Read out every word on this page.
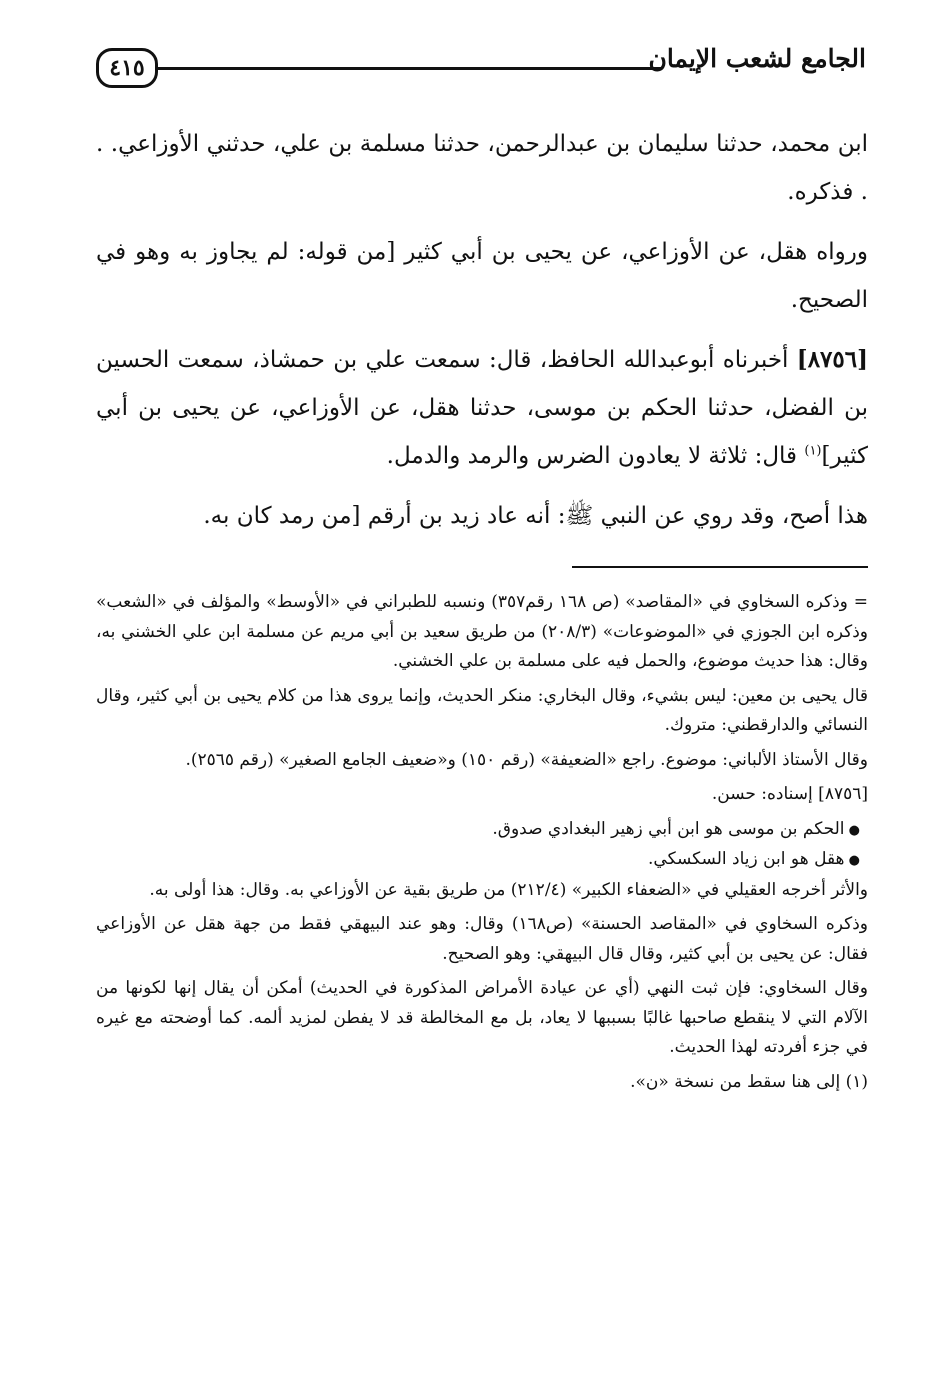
٤١٥	الجامع لشعب الإيمان

ابن محمد، حدثنا سليمان بن عبدالرحمن، حدثنا مسلمة بن علي، حدثني الأوزاعي. . . فذكره.

ورواه هقل، عن الأوزاعي، عن يحيى بن أبي كثير [من قوله: لم يجاوز به وهو في الصحيح.

[٨٧٥٦] أخبرناه أبوعبدالله الحافظ، قال: سمعت علي بن حمشاذ، سمعت الحسين بن الفضل، حدثنا الحكم بن موسى، حدثنا هقل، عن الأوزاعي، عن يحيى بن أبي كثير]$^{(١)}$ قال: ثلاثة لا يعادون الضرس والرمد والدمل.

هذا أصح، وقد روي عن النبي ﷺ: أنه عاد زيد بن أرقم [من رمد كان به.

= وذكره السخاوي في «المقاصد» (ص ١٦٨ رقم٣٥٧) ونسبه للطبراني في «الأوسط» والمؤلف في «الشعب» وذكره ابن الجوزي في «الموضوعات» (٢٠٨/٣) من طريق سعيد بن أبي مريم عن مسلمة ابن علي الخشني به، وقال: هذا حديث موضوع، والحمل فيه على مسلمة بن علي الخشني.

قال يحيى بن معين: ليس بشيء، وقال البخاري: منكر الحديث، وإنما يروى هذا من كلام يحيى بن أبي كثير، وقال النسائي والدارقطني: متروك.

وقال الأستاذ الألباني: موضوع. راجع «الضعيفة» (رقم ١٥٠) و«ضعيف الجامع الصغير» (رقم ٢٥٦٥).

[٨٧٥٦] إسناده: حسن.

● الحكم بن موسى هو ابن أبي زهير البغدادي صدوق.

● هقل هو ابن زياد السكسكي.

والأثر أخرجه العقيلي في «الضعفاء الكبير» (٢١٢/٤) من طريق بقية عن الأوزاعي به. وقال: هذا أولى به.

وذكره السخاوي في «المقاصد الحسنة» (ص١٦٨) وقال: وهو عند البيهقي فقط من جهة هقل عن الأوزاعي فقال: عن يحيى بن أبي كثير، وقال قال البيهقي: وهو الصحيح.

وقال السخاوي: فإن ثبت النهي (أي عن عيادة الأمراض المذكورة في الحديث) أمكن أن يقال إنها لكونها من الآلام التي لا ينقطع صاحبها غالبًا بسببها لا يعاد، بل مع المخالطة قد لا يفطن لمزيد ألمه. كما أوضحته مع غيره في جزء أفردته لهذا الحديث.

(١) إلى هنا سقط من نسخة «ن».
